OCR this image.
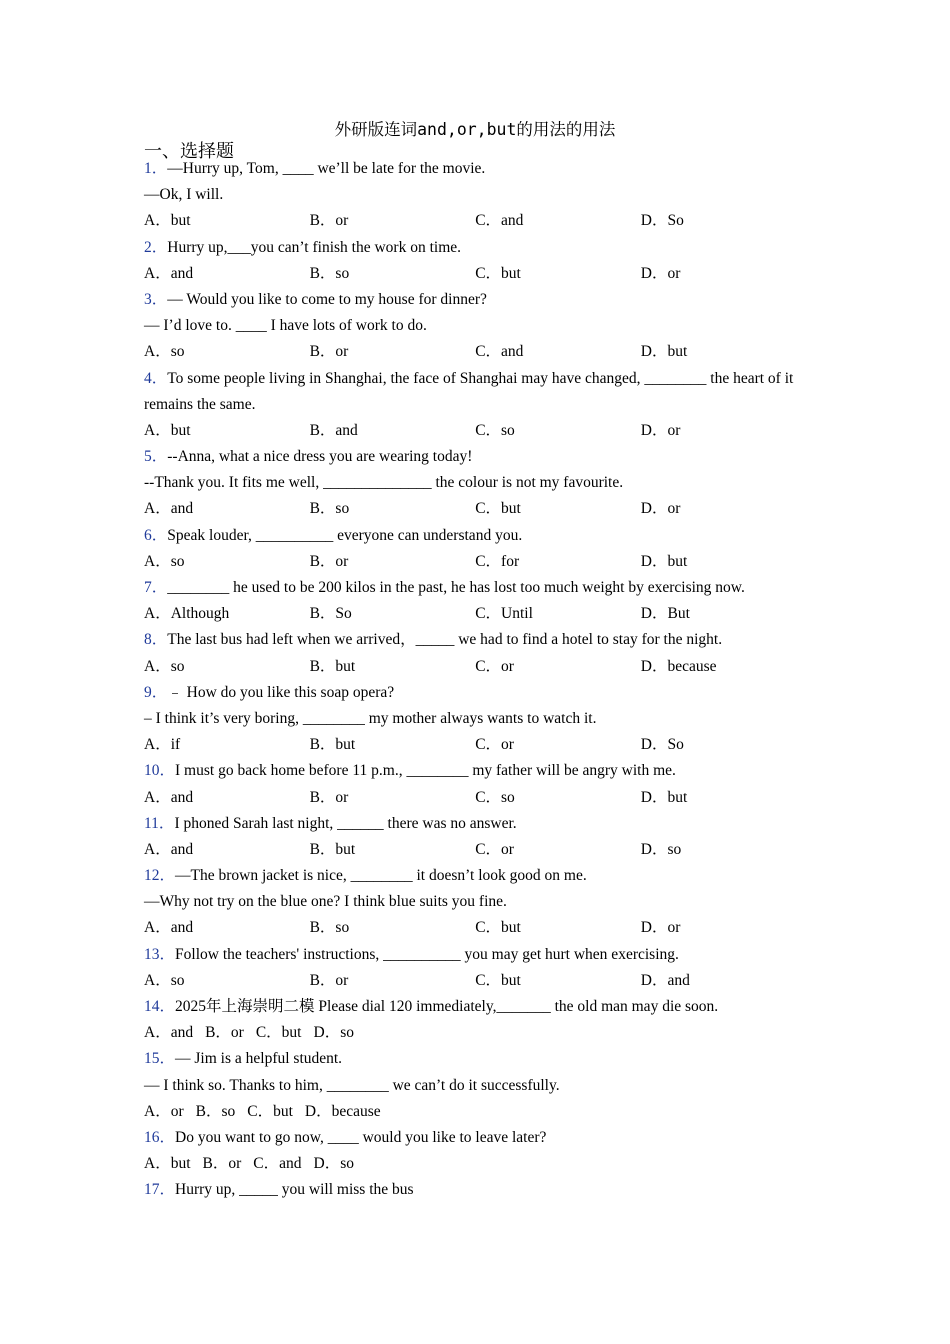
外研版连词and,or,but的用法的用法
一、选择题
1．—Hurry up, Tom, ____ we’ll be late for the movie.
—Ok, I will.
A．but	B．or	C．and	D．So
2．Hurry up,___you can’t finish the work on time.
A．and	B．so	C．but	D．or
3．— Would you like to come to my house for dinner?
— I’d love to. ____ I have lots of work to do.
A．so	B．or	C．and	D．but
4．To some people living in Shanghai, the face of Shanghai may have changed, ________ the heart of it remains the same.
A．but	B．and	C．so	D．or
5．--Anna, what a nice dress you are wearing today!
--Thank you. It fits me well, ______________ the colour is not my favourite.
A．and	B．so	C．but	D．or
6．Speak louder, __________ everyone can understand you.
A．so	B．or	C．for	D．but
7．________ he used to be 200 kilos in the past, he has lost too much weight by exercising now.
A．Although	B．So	C．Until	D．But
8．The last bus had left when we arrived，_____ we had to find a hotel to stay for the night.
A．so	B．but	C．or	D．because
9．﹣ How do you like this soap opera?
– I think it’s very boring, ________ my mother always wants to watch it.
A．if	B．but	C．or	D．So
10．I must go back home before 11 p.m., ________ my father will be angry with me.
A．and	B．or	C．so	D．but
11．I phoned Sarah last night, ______ there was no answer.
A．and	B．but	C．or	D．so
12．—The brown jacket is nice, ________ it doesn’t look good on me.
—Why not try on the blue one? I think blue suits you fine.
A．and	B．so	C．but	D．or
13．Follow the teachers' instructions, __________ you may get hurt when exercising.
A．so	B．or	C．but	D．and
14．2025年上海崇明二模 Please dial 120 immediately,_______ the old man may die soon.
A．and B．or C．but D．so
15．— Jim is a helpful student.
— I think so. Thanks to him, ________ we can’t do it successfully.
A．or B．so C．but D．because
16．Do you want to go now, ____ would you like to leave later?
A．but B．or C．and D．so
17．Hurry up, _____ you will miss the bus
